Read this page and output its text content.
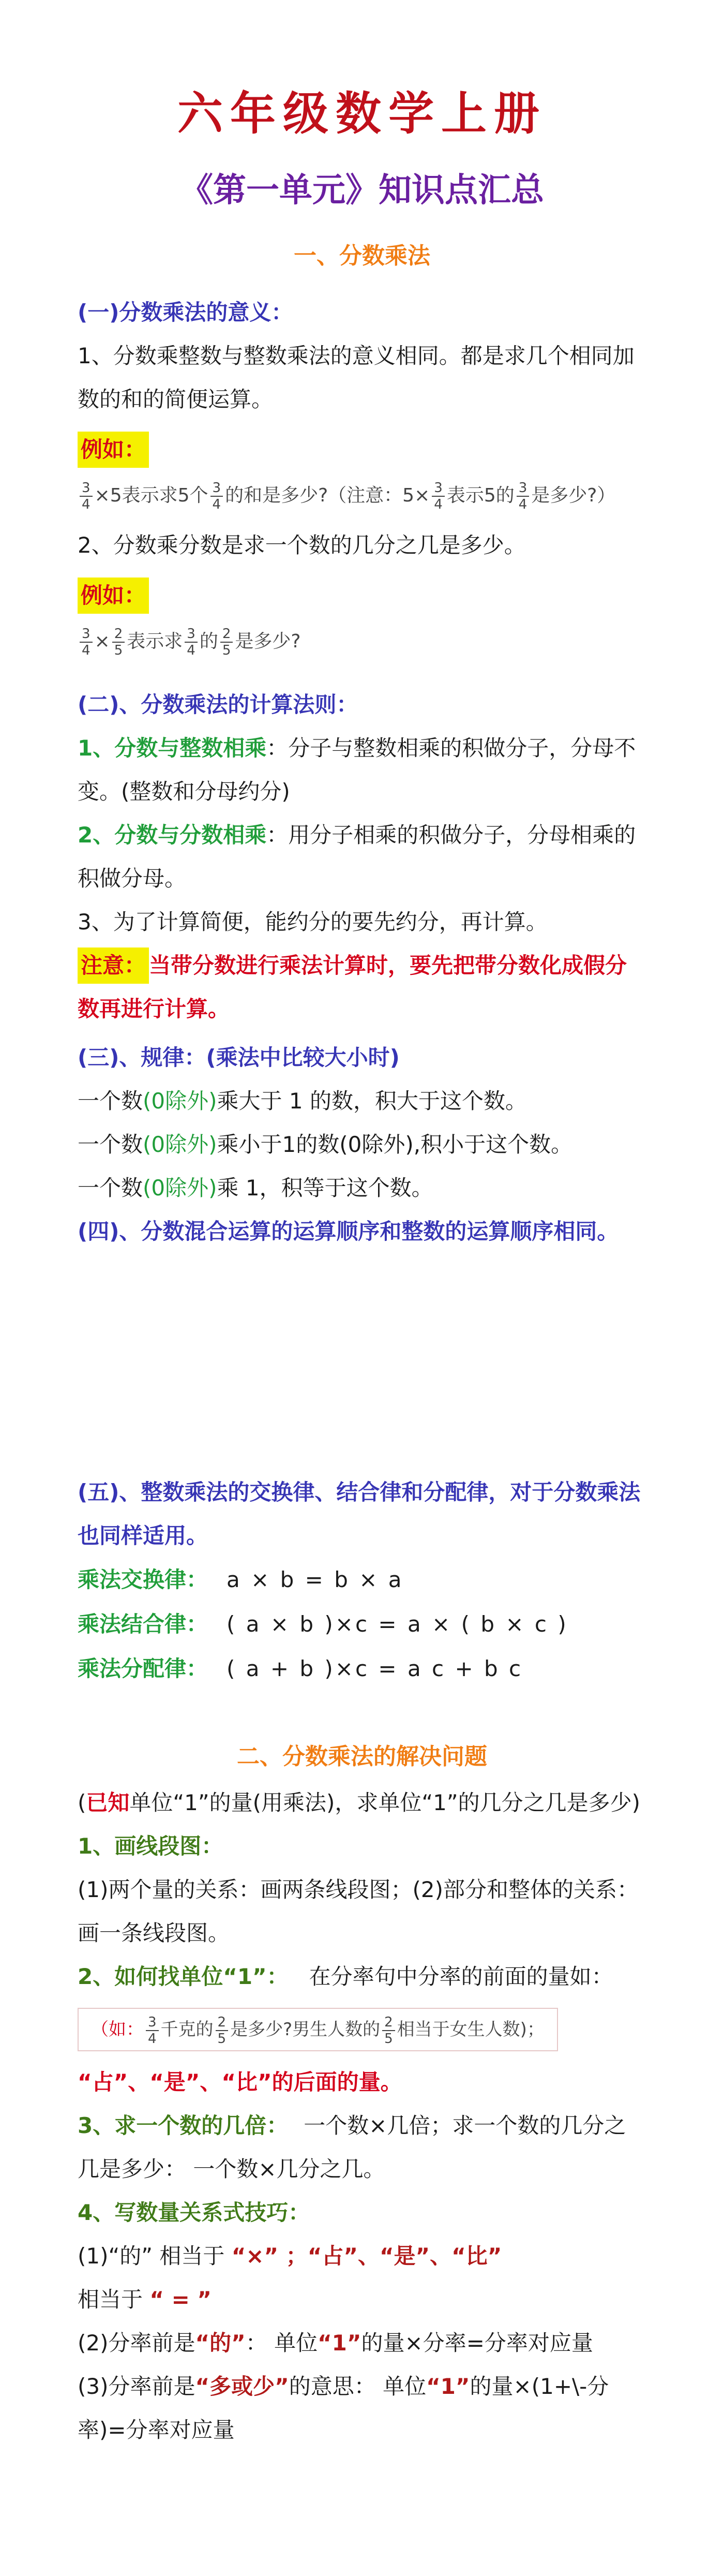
六年级数学上册
《第一单元》知识点汇总
一、分数乘法

(一)分数乘法的意义：

1、分数乘整数与整数乘法的意义相同。都是求几个相同加数的和的简便运算。

例如：
$\frac{3}{4} \times 5$表示求5个 $\frac{3}{4}$ 的和是多少?（注意：$5\times \frac{3}{4}$ 表示5的 $\frac{3}{4}$ 是多少?）

2、分数乘分数是求一个数的几分之几是多少。

例如：
$\frac{3}{4} \times \frac{2}{5}$ 表示求 $\frac{3}{4}$ 的 $\frac{2}{5}$ 是多少?

(二)、分数乘法的计算法则：

1、分数与整数相乘：分子与整数相乘的积做分子，分母不变。(整数和分母约分)

2、分数与分数相乘：用分子相乘的积做分子，分母相乘的积做分母。

3、为了计算简便，能约分的要先约分，再计算。

注意： 当带分数进行乘法计算时，要先把带分数化成假分数再进行计算。

(三)、规律：(乘法中比较大小时)

一个数(0除外)乘大于 1 的数，积大于这个数。

一个数(0除外)乘小于1的数(0除外),积小于这个数。

一个数(0除外)乘 1，积等于这个数。

(四)、分数混合运算的运算顺序和整数的运算顺序相同。

(五)、整数乘法的交换律、结合律和分配律，对于分数乘法也同样适用。

乘法交换律： a × b = b × a

乘法结合律： ( a × b )×c = a × ( b × c )

乘法分配律： ( a + b )×c = a c + b c

二、分数乘法的解决问题

(已知单位“1”的量(用乘法)，求单位“1”的几分之几是多少)

1、画线段图：

(1)两个量的关系：画两条线段图；(2)部分和整体的关系：画一条线段图。

2、如何找单位“1”： 在分率句中分率的前面的量如：

（如： $\frac{3}{4}$ 千克的 $\frac{2}{5}$ 是多少?男生人数的 $\frac{2}{5}$ 相当于女生人数)；

“占”、“是”、“比”的后面的量。

3、求一个数的几倍： 一个数×几倍；求一个数的几分之几是多少： 一个数×几分之几。

4、写数量关系式技巧：

(1)“的” 相当于 “×” ；“占”、“是”、“比”
相当于 “ = ”

(2)分率前是“的”： 单位“1”的量×分率=分率对应量

(3)分率前是“多或少”的意思： 单位“1”的量×(1+\-分率)=分率对应量
